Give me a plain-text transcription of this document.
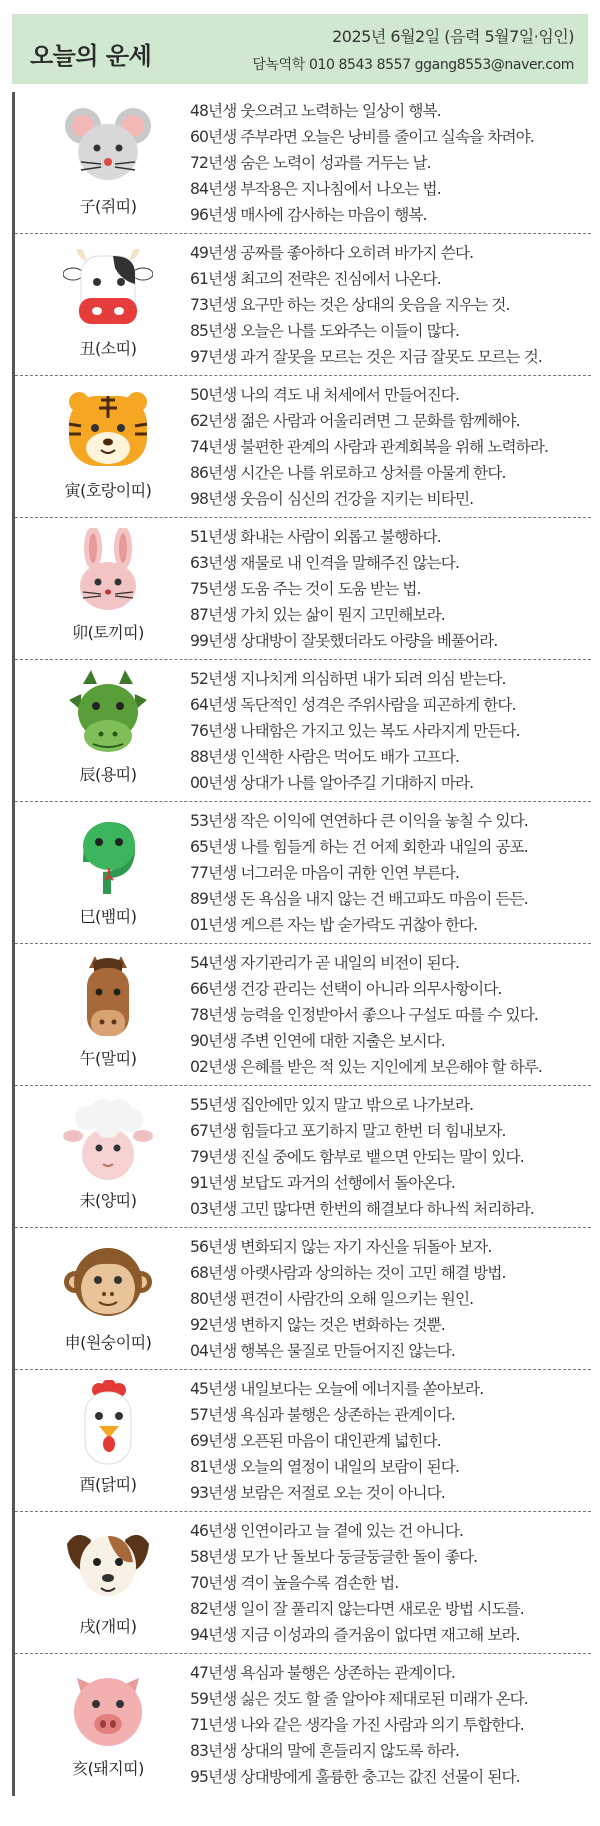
오늘의 운세
2025년 6월2일 (음력 5월7일·임인)
담녹역학 010 8543 8557 ggang8553@naver.com
子(쥐띠)
48년생 웃으려고 노력하는 일상이 행복.
60년생 주부라면 오늘은 낭비를 줄이고 실속을 차려야.
72년생 숨은 노력이 성과를 거두는 날.
84년생 부작용은 지나침에서 나오는 법.
96년생 매사에 감사하는 마음이 행복.
丑(소띠)
49년생 공짜를 좋아하다 오히려 바가지 쓴다.
61년생 최고의 전략은 진심에서 나온다.
73년생 요구만 하는 것은 상대의 웃음을 지우는 것.
85년생 오늘은 나를 도와주는 이들이 많다.
97년생 과거 잘못을 모르는 것은 지금 잘못도 모르는 것.
寅(호랑이띠)
50년생 나의 격도 내 처세에서 만들어진다.
62년생 젊은 사람과 어울리려면 그 문화를 함께해야.
74년생 불편한 관계의 사람과 관계회복을 위해 노력하라.
86년생 시간은 나를 위로하고 상처를 아물게 한다.
98년생 웃음이 심신의 건강을 지키는 비타민.
卯(토끼띠)
51년생 화내는 사람이 외롭고 불행하다.
63년생 재물로 내 인격을 말해주진 않는다.
75년생 도움 주는 것이 도움 받는 법.
87년생 가치 있는 삶이 뭔지 고민해보라.
99년생 상대방이 잘못했더라도 아량을 베풀어라.
辰(용띠)
52년생 지나치게 의심하면 내가 되려 의심 받는다.
64년생 독단적인 성격은 주위사람을 피곤하게 한다.
76년생 나태함은 가지고 있는 복도 사라지게 만든다.
88년생 인색한 사람은 먹어도 배가 고프다.
00년생 상대가 나를 알아주길 기대하지 마라.
巳(뱀띠)
53년생 작은 이익에 연연하다 큰 이익을 놓칠 수 있다.
65년생 나를 힘들게 하는 건 어제 회한과 내일의 공포.
77년생 너그러운 마음이 귀한 인연 부른다.
89년생 돈 욕심을 내지 않는 건 배고파도 마음이 든든.
01년생 게으른 자는 밥 숟가락도 귀찮아 한다.
午(말띠)
54년생 자기관리가 곧 내일의 비전이 된다.
66년생 건강 관리는 선택이 아니라 의무사항이다.
78년생 능력을 인정받아서 좋으나 구설도 따를 수 있다.
90년생 주변 인연에 대한 지출은 보시다.
02년생 은혜를 받은 적 있는 지인에게 보은해야 할 하루.
未(양띠)
55년생 집안에만 있지 말고 밖으로 나가보라.
67년생 힘들다고 포기하지 말고 한번 더 힘내보자.
79년생 진실 중에도 함부로 뱉으면 안되는 말이 있다.
91년생 보답도 과거의 선행에서 돌아온다.
03년생 고민 많다면 한번의 해결보다 하나씩 처리하라.
申(원숭이띠)
56년생 변화되지 않는 자기 자신을 뒤돌아 보자.
68년생 아랫사람과 상의하는 것이 고민 해결 방법.
80년생 편견이 사람간의 오해 일으키는 원인.
92년생 변하지 않는 것은 변화하는 것뿐.
04년생 행복은 물질로 만들어지진 않는다.
酉(닭띠)
45년생 내일보다는 오늘에 에너지를 쏟아보라.
57년생 욕심과 불행은 상존하는 관계이다.
69년생 오픈된 마음이 대인관계 넓힌다.
81년생 오늘의 열정이 내일의 보람이 된다.
93년생 보람은 저절로 오는 것이 아니다.
戌(개띠)
46년생 인연이라고 늘 곁에 있는 건 아니다.
58년생 모가 난 돌보다 둥글둥글한 돌이 좋다.
70년생 격이 높을수록 겸손한 법.
82년생 일이 잘 풀리지 않는다면 새로운 방법 시도를.
94년생 지금 이성과의 즐거움이 없다면 재고해 보라.
亥(돼지띠)
47년생 욕심과 불행은 상존하는 관계이다.
59년생 싫은 것도 할 줄 알아야 제대로된 미래가 온다.
71년생 나와 같은 생각을 가진 사람과 의기 투합한다.
83년생 상대의 말에 흔들리지 않도록 하라.
95년생 상대방에게 훌륭한 충고는 값진 선물이 된다.
